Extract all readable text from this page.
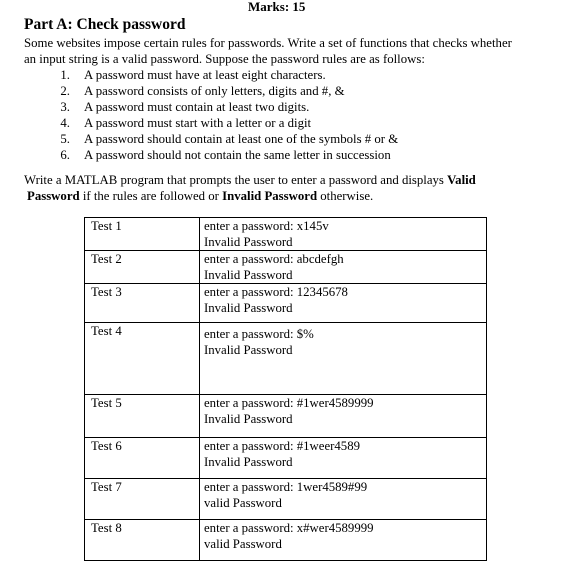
Marks: 15
Part A: Check password
Some websites impose certain rules for passwords. Write a set of functions that checks whether
an input string is a valid password. Suppose the password rules are as follows:
1.	A password must have at least eight characters.
2.	A password consists of only letters, digits and #, &
3.	A password must contain at least two digits.
4.	A password must start with a letter or a digit
5.	A password should contain at least one of the symbols # or &
6.	A password should not contain the same letter in succession
Write a MATLAB program that prompts the user to enter a password and displays Valid
Password if the rules are followed or Invalid Password otherwise.
Test 1	enter a password: x145v
Invalid Password

Test 2	enter a password: abcdefgh
Invalid Password

Test 3	enter a password: 12345678
Invalid Password

Test 4	enter a password: $%
Invalid Password

Test 5	enter a password: #1wer4589999
Invalid Password

Test 6	enter a password: #1weer4589
Invalid Password

Test 7	enter a password: 1wer4589#99
valid Password

Test 8	enter a password: x#wer4589999
valid Password
